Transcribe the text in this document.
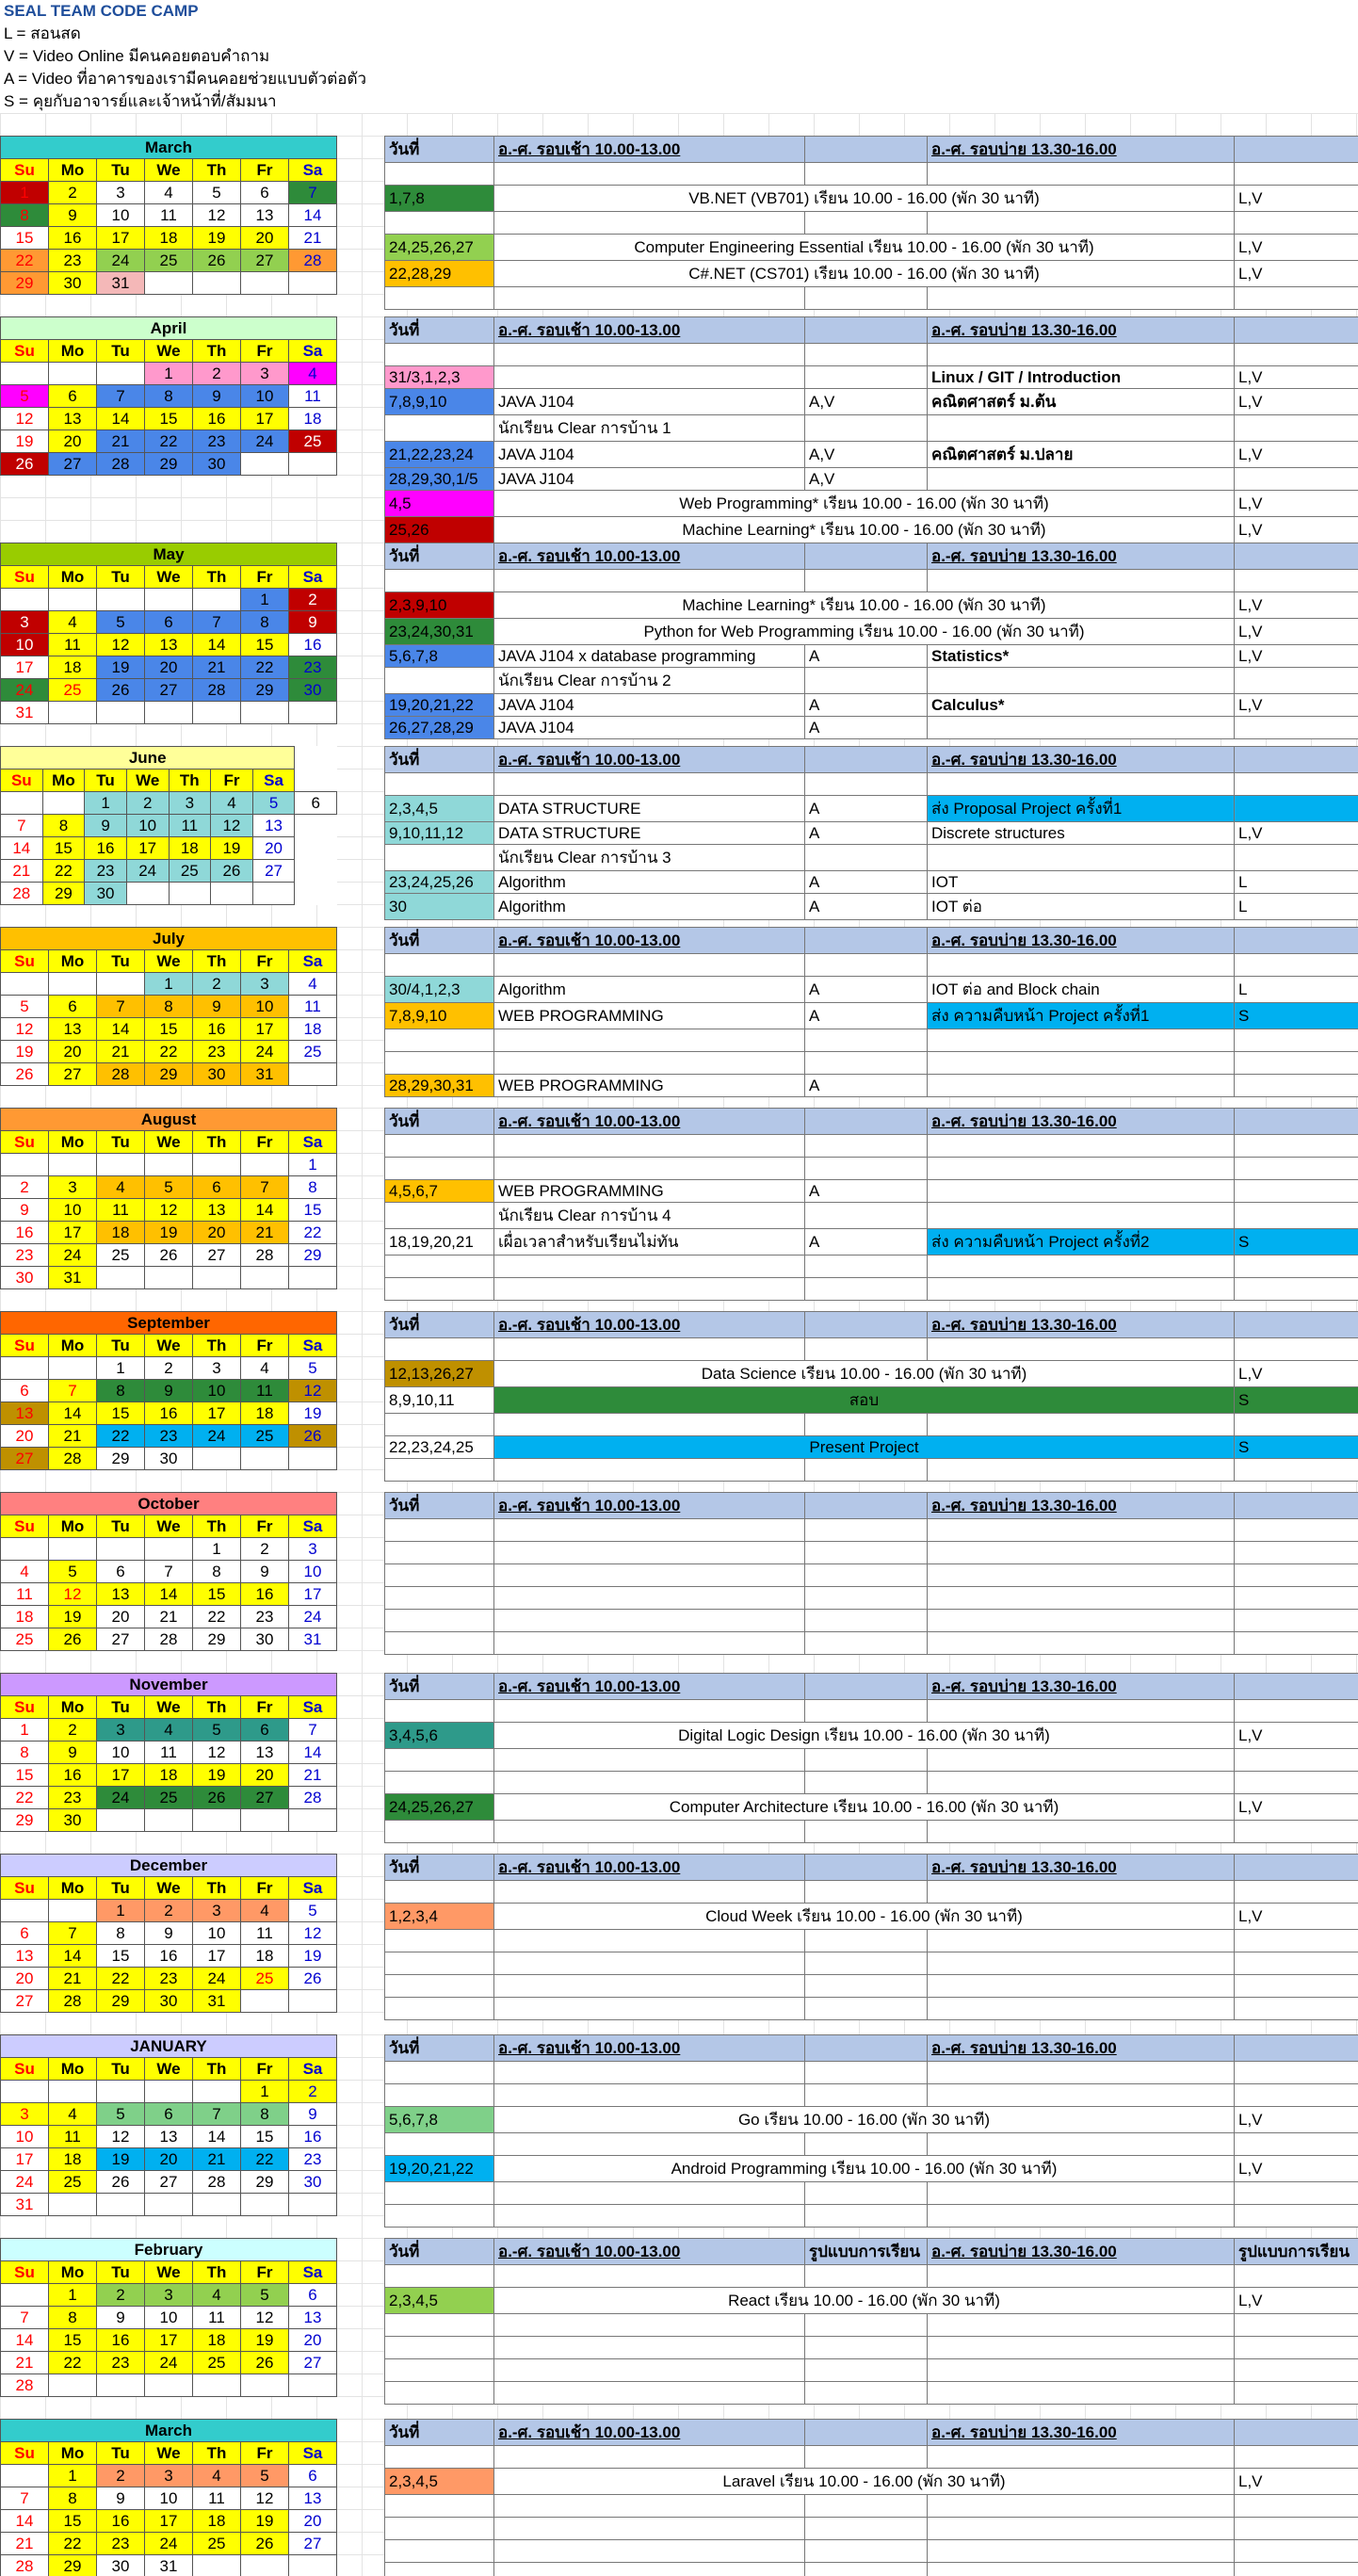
SEAL TEAM CODE CAMP
L = สอนสด
V = Video Online มีคนคอยตอบคำถาม
A = Video ที่อาคารของเรามีคนคอยช่วยแบบตัวต่อตัว
S = คุยกับอาจารย์และเจ้าหน้าที่/สัมมนา
March						
Su	Mo	Tu	We	Th	Fr	Sa
1	2	3	4	5	6	7
8	9	10	11	12	13	14
15	16	17	18	19	20	21
22	23	24	25	26	27	28
29	30	31				
วันที่	อ.-ศ. รอบเช้า 10.00-13.00		อ.-ศ. รอบบ่าย 13.30-16.00	

1,7,8	VB.NET (VB701) เรียน 10.00 - 16.00 (พัก 30 นาที)			L,V

24,25,26,27	Computer Engineering Essential เรียน 10.00 - 16.00 (พัก 30 นาที)			L,V
22,28,29	C#.NET (CS701) เรียน 10.00 - 16.00 (พัก 30 นาที)			L,V

April						
Su	Mo	Tu	We	Th	Fr	Sa
			1	2	3	4
5	6	7	8	9	10	11
12	13	14	15	16	17	18
19	20	21	22	23	24	25
26	27	28	29	30		
วันที่	อ.-ศ. รอบเช้า 10.00-13.00		อ.-ศ. รอบบ่าย 13.30-16.00	

31/3,1,2,3			Linux / GIT / Introduction	L,V
7,8,9,10	JAVA J104	A,V	คณิตศาสตร์ ม.ต้น	L,V
	นักเรียน Clear การบ้าน 1			
21,22,23,24	JAVA J104	A,V	คณิตศาสตร์ ม.ปลาย	L,V
28,29,30,1/5	JAVA J104	A,V		
4,5	Web Programming* เรียน 10.00 - 16.00 (พัก 30 นาที)			L,V
25,26	Machine Learning* เรียน 10.00 - 16.00 (พัก 30 นาที)			L,V
May						
Su	Mo	Tu	We	Th	Fr	Sa
					1	2
3	4	5	6	7	8	9
10	11	12	13	14	15	16
17	18	19	20	21	22	23
24	25	26	27	28	29	30
31						
วันที่	อ.-ศ. รอบเช้า 10.00-13.00		อ.-ศ. รอบบ่าย 13.30-16.00	

2,3,9,10	Machine Learning* เรียน 10.00 - 16.00 (พัก 30 นาที)			L,V
23,24,30,31	Python for Web Programming เรียน 10.00 - 16.00 (พัก 30 นาที)			L,V
5,6,7,8	JAVA J104 x database programming	A	Statistics*	L,V
	นักเรียน Clear การบ้าน 2			
19,20,21,22	JAVA J104	A	Calculus*	L,V
26,27,28,29	JAVA J104	A		
June							
Su	Mo	Tu	We	Th	Fr	Sa	
		1	2	3	4	5	6
7	8	9	10	11	12	13	
14	15	16	17	18	19	20	
21	22	23	24	25	26	27	
28	29	30					
วันที่	อ.-ศ. รอบเช้า 10.00-13.00		อ.-ศ. รอบบ่าย 13.30-16.00	

2,3,4,5	DATA STRUCTURE	A	ส่ง Proposal Project ครั้งที่1	
9,10,11,12	DATA STRUCTURE	A	Discrete structures	L,V
	นักเรียน Clear การบ้าน 3			
23,24,25,26	Algorithm	A	IOT	L
30	Algorithm	A	IOT ต่อ	L
July						
Su	Mo	Tu	We	Th	Fr	Sa
			1	2	3	4
5	6	7	8	9	10	11
12	13	14	15	16	17	18
19	20	21	22	23	24	25
26	27	28	29	30	31	
วันที่	อ.-ศ. รอบเช้า 10.00-13.00		อ.-ศ. รอบบ่าย 13.30-16.00	

30/4,1,2,3	Algorithm	A	IOT ต่อ and Block chain	L
7,8,9,10	WEB PROGRAMMING	A	ส่ง ความคืบหน้า Project ครั้งที่1	S

28,29,30,31	WEB PROGRAMMING	A		
August						
Su	Mo	Tu	We	Th	Fr	Sa
						1
2	3	4	5	6	7	8
9	10	11	12	13	14	15
16	17	18	19	20	21	22
23	24	25	26	27	28	29
30	31					
วันที่	อ.-ศ. รอบเช้า 10.00-13.00		อ.-ศ. รอบบ่าย 13.30-16.00	

4,5,6,7	WEB PROGRAMMING	A		
	นักเรียน Clear การบ้าน 4			
18,19,20,21	เผื่อเวลาสำหรับเรียนไม่ทัน	A	ส่ง ความคืบหน้า Project ครั้งที่2	S

September						
Su	Mo	Tu	We	Th	Fr	Sa
		1	2	3	4	5
6	7	8	9	10	11	12
13	14	15	16	17	18	19
20	21	22	23	24	25	26
27	28	29	30			
วันที่	อ.-ศ. รอบเช้า 10.00-13.00		อ.-ศ. รอบบ่าย 13.30-16.00	

12,13,26,27	Data Science เรียน 10.00 - 16.00 (พัก 30 นาที)			L,V
8,9,10,11	สอบ			S

22,23,24,25	Present Project			S

October						
Su	Mo	Tu	We	Th	Fr	Sa
				1	2	3
4	5	6	7	8	9	10
11	12	13	14	15	16	17
18	19	20	21	22	23	24
25	26	27	28	29	30	31
วันที่	อ.-ศ. รอบเช้า 10.00-13.00		อ.-ศ. รอบบ่าย 13.30-16.00	

November						
Su	Mo	Tu	We	Th	Fr	Sa
1	2	3	4	5	6	7
8	9	10	11	12	13	14
15	16	17	18	19	20	21
22	23	24	25	26	27	28
29	30					
วันที่	อ.-ศ. รอบเช้า 10.00-13.00		อ.-ศ. รอบบ่าย 13.30-16.00	

3,4,5,6	Digital Logic Design เรียน 10.00 - 16.00 (พัก 30 นาที)			L,V

24,25,26,27	Computer Architecture เรียน 10.00 - 16.00 (พัก 30 นาที)			L,V

December						
Su	Mo	Tu	We	Th	Fr	Sa
		1	2	3	4	5
6	7	8	9	10	11	12
13	14	15	16	17	18	19
20	21	22	23	24	25	26
27	28	29	30	31		
วันที่	อ.-ศ. รอบเช้า 10.00-13.00		อ.-ศ. รอบบ่าย 13.30-16.00	

1,2,3,4	Cloud Week เรียน 10.00 - 16.00 (พัก 30 นาที)			L,V

JANUARY						
Su	Mo	Tu	We	Th	Fr	Sa
					1	2
3	4	5	6	7	8	9
10	11	12	13	14	15	16
17	18	19	20	21	22	23
24	25	26	27	28	29	30
31						
วันที่	อ.-ศ. รอบเช้า 10.00-13.00		อ.-ศ. รอบบ่าย 13.30-16.00	

5,6,7,8	Go เรียน 10.00 - 16.00 (พัก 30 นาที)			L,V

19,20,21,22	Android Programming เรียน 10.00 - 16.00 (พัก 30 นาที)			L,V

February						
Su	Mo	Tu	We	Th	Fr	Sa
	1	2	3	4	5	6
7	8	9	10	11	12	13
14	15	16	17	18	19	20
21	22	23	24	25	26	27
28						
วันที่	อ.-ศ. รอบเช้า 10.00-13.00	รูปแบบการเรียน	อ.-ศ. รอบบ่าย 13.30-16.00	รูปแบบการเรียน

2,3,4,5	React เรียน 10.00 - 16.00 (พัก 30 นาที)			L,V

March						
Su	Mo	Tu	We	Th	Fr	Sa
	1	2	3	4	5	6
7	8	9	10	11	12	13
14	15	16	17	18	19	20
21	22	23	24	25	26	27
28	29	30	31			
วันที่	อ.-ศ. รอบเช้า 10.00-13.00		อ.-ศ. รอบบ่าย 13.30-16.00	

2,3,4,5	Laravel เรียน 10.00 - 16.00 (พัก 30 นาที)			L,V
